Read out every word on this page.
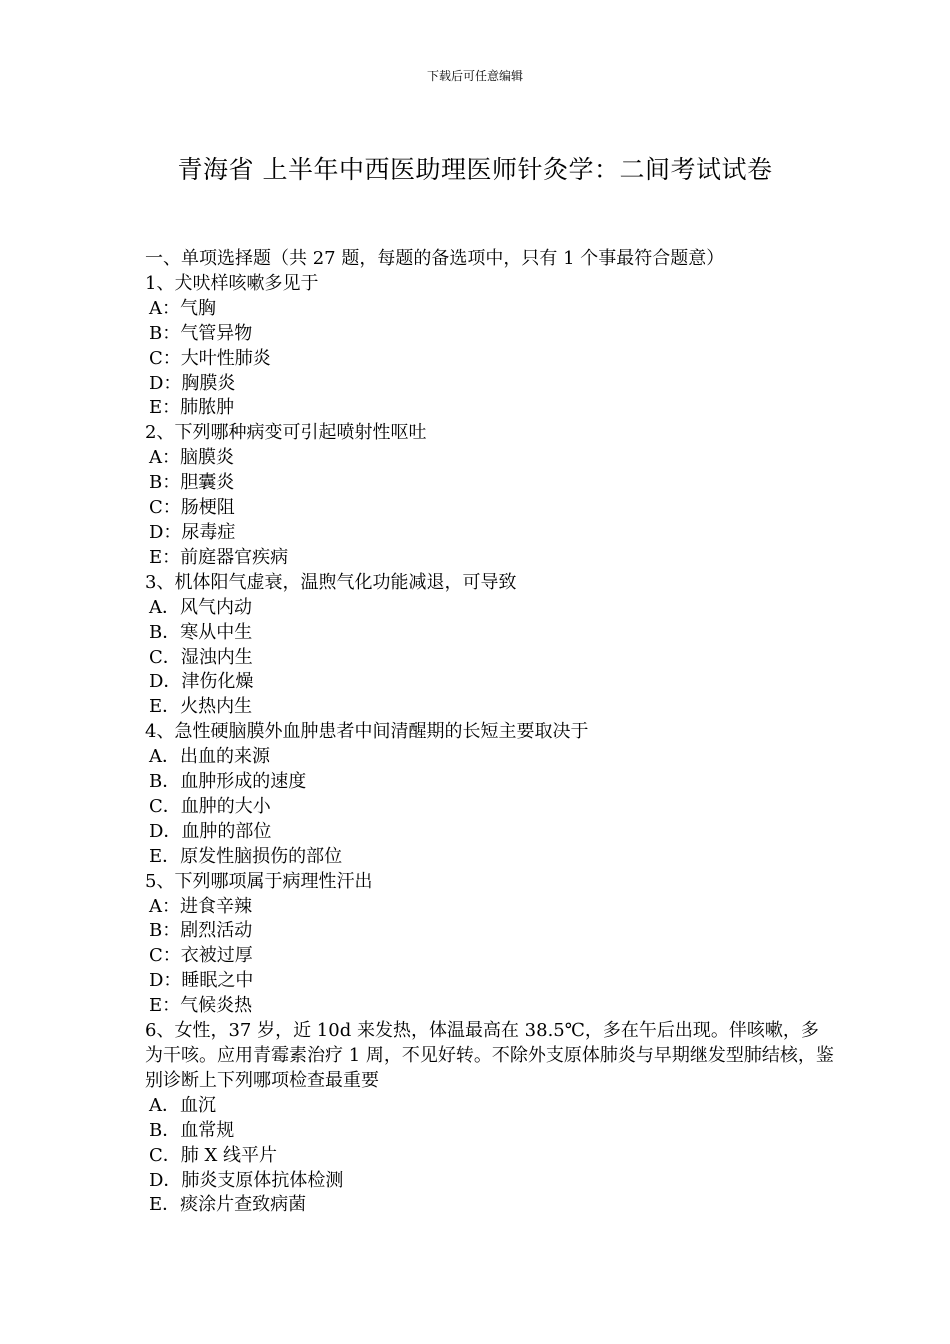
下载后可任意编辑
青海省 上半年中西医助理医师针灸学：二间考试试卷
一、单项选择题（共 27 题，每题的备选项中，只有 1 个事最符合题意）
1、犬吠样咳嗽多见于
A：气胸
B：气管异物
C：大叶性肺炎
D：胸膜炎
E：肺脓肿
2、下列哪种病变可引起喷射性呕吐
A：脑膜炎
B：胆囊炎
C：肠梗阻
D：尿毒症
E：前庭器官疾病
3、机体阳气虚衰，温煦气化功能减退，可导致
A．风气内动
B．寒从中生
C．湿浊内生
D．津伤化燥
E．火热内生
4、急性硬脑膜外血肿患者中间清醒期的长短主要取决于
A．出血的来源
B．血肿形成的速度
C．血肿的大小
D．血肿的部位
E．原发性脑损伤的部位
5、下列哪项属于病理性汗出
A：进食辛辣
B：剧烈活动
C：衣被过厚
D：睡眠之中
E：气候炎热
6、女性，37 岁，近 10d 来发热，体温最高在 38.5℃，多在午后出现。伴咳嗽，多为干咳。应用青霉素治疗 1 周，不见好转。不除外支原体肺炎与早期继发型肺结核，鉴别诊断上下列哪项检查最重要
A．血沉
B．血常规
C．肺 X 线平片
D．肺炎支原体抗体检测
E．痰涂片查致病菌
